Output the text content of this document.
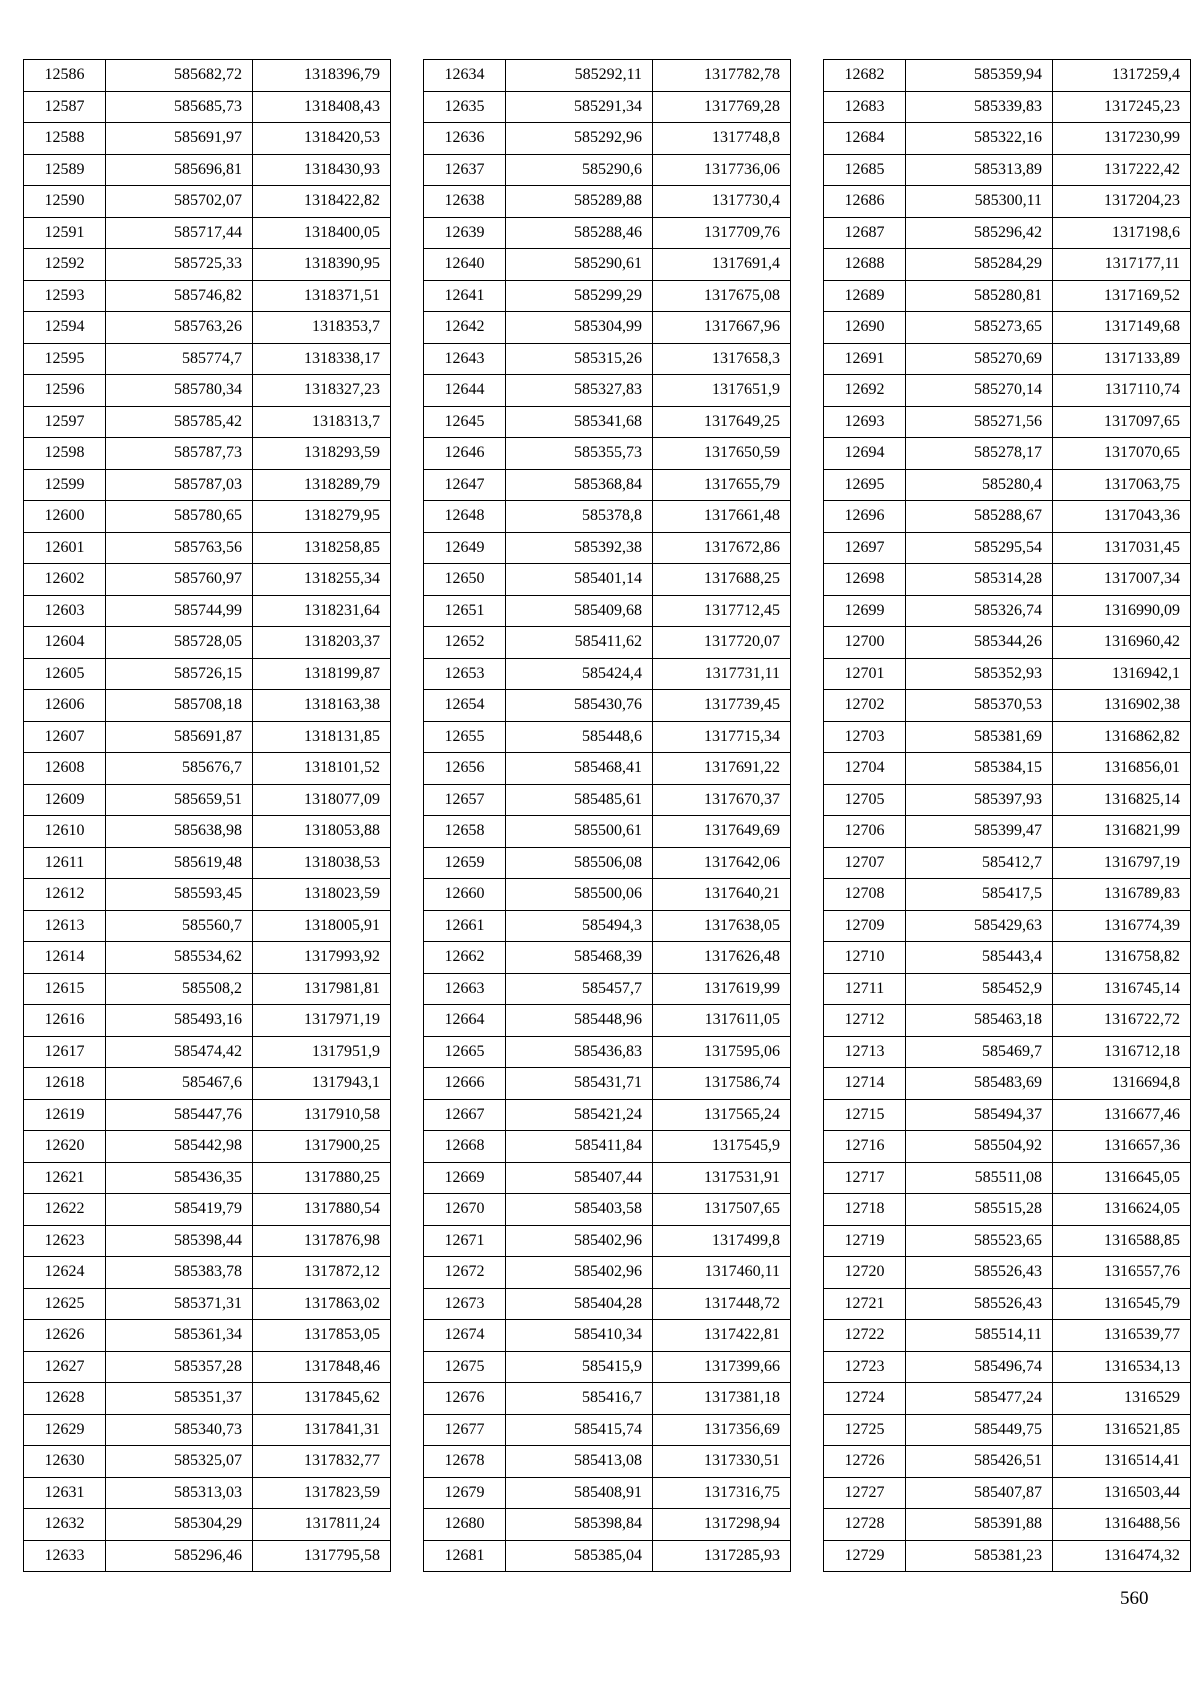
12586	585682,72	1318396,79
12587	585685,73	1318408,43
12588	585691,97	1318420,53
12589	585696,81	1318430,93
12590	585702,07	1318422,82
12591	585717,44	1318400,05
12592	585725,33	1318390,95
12593	585746,82	1318371,51
12594	585763,26	1318353,7
12595	585774,7	1318338,17
12596	585780,34	1318327,23
12597	585785,42	1318313,7
12598	585787,73	1318293,59
12599	585787,03	1318289,79
12600	585780,65	1318279,95
12601	585763,56	1318258,85
12602	585760,97	1318255,34
12603	585744,99	1318231,64
12604	585728,05	1318203,37
12605	585726,15	1318199,87
12606	585708,18	1318163,38
12607	585691,87	1318131,85
12608	585676,7	1318101,52
12609	585659,51	1318077,09
12610	585638,98	1318053,88
12611	585619,48	1318038,53
12612	585593,45	1318023,59
12613	585560,7	1318005,91
12614	585534,62	1317993,92
12615	585508,2	1317981,81
12616	585493,16	1317971,19
12617	585474,42	1317951,9
12618	585467,6	1317943,1
12619	585447,76	1317910,58
12620	585442,98	1317900,25
12621	585436,35	1317880,25
12622	585419,79	1317880,54
12623	585398,44	1317876,98
12624	585383,78	1317872,12
12625	585371,31	1317863,02
12626	585361,34	1317853,05
12627	585357,28	1317848,46
12628	585351,37	1317845,62
12629	585340,73	1317841,31
12630	585325,07	1317832,77
12631	585313,03	1317823,59
12632	585304,29	1317811,24
12633	585296,46	1317795,58
12634	585292,11	1317782,78
12635	585291,34	1317769,28
12636	585292,96	1317748,8
12637	585290,6	1317736,06
12638	585289,88	1317730,4
12639	585288,46	1317709,76
12640	585290,61	1317691,4
12641	585299,29	1317675,08
12642	585304,99	1317667,96
12643	585315,26	1317658,3
12644	585327,83	1317651,9
12645	585341,68	1317649,25
12646	585355,73	1317650,59
12647	585368,84	1317655,79
12648	585378,8	1317661,48
12649	585392,38	1317672,86
12650	585401,14	1317688,25
12651	585409,68	1317712,45
12652	585411,62	1317720,07
12653	585424,4	1317731,11
12654	585430,76	1317739,45
12655	585448,6	1317715,34
12656	585468,41	1317691,22
12657	585485,61	1317670,37
12658	585500,61	1317649,69
12659	585506,08	1317642,06
12660	585500,06	1317640,21
12661	585494,3	1317638,05
12662	585468,39	1317626,48
12663	585457,7	1317619,99
12664	585448,96	1317611,05
12665	585436,83	1317595,06
12666	585431,71	1317586,74
12667	585421,24	1317565,24
12668	585411,84	1317545,9
12669	585407,44	1317531,91
12670	585403,58	1317507,65
12671	585402,96	1317499,8
12672	585402,96	1317460,11
12673	585404,28	1317448,72
12674	585410,34	1317422,81
12675	585415,9	1317399,66
12676	585416,7	1317381,18
12677	585415,74	1317356,69
12678	585413,08	1317330,51
12679	585408,91	1317316,75
12680	585398,84	1317298,94
12681	585385,04	1317285,93
12682	585359,94	1317259,4
12683	585339,83	1317245,23
12684	585322,16	1317230,99
12685	585313,89	1317222,42
12686	585300,11	1317204,23
12687	585296,42	1317198,6
12688	585284,29	1317177,11
12689	585280,81	1317169,52
12690	585273,65	1317149,68
12691	585270,69	1317133,89
12692	585270,14	1317110,74
12693	585271,56	1317097,65
12694	585278,17	1317070,65
12695	585280,4	1317063,75
12696	585288,67	1317043,36
12697	585295,54	1317031,45
12698	585314,28	1317007,34
12699	585326,74	1316990,09
12700	585344,26	1316960,42
12701	585352,93	1316942,1
12702	585370,53	1316902,38
12703	585381,69	1316862,82
12704	585384,15	1316856,01
12705	585397,93	1316825,14
12706	585399,47	1316821,99
12707	585412,7	1316797,19
12708	585417,5	1316789,83
12709	585429,63	1316774,39
12710	585443,4	1316758,82
12711	585452,9	1316745,14
12712	585463,18	1316722,72
12713	585469,7	1316712,18
12714	585483,69	1316694,8
12715	585494,37	1316677,46
12716	585504,92	1316657,36
12717	585511,08	1316645,05
12718	585515,28	1316624,05
12719	585523,65	1316588,85
12720	585526,43	1316557,76
12721	585526,43	1316545,79
12722	585514,11	1316539,77
12723	585496,74	1316534,13
12724	585477,24	1316529
12725	585449,75	1316521,85
12726	585426,51	1316514,41
12727	585407,87	1316503,44
12728	585391,88	1316488,56
12729	585381,23	1316474,32
560
